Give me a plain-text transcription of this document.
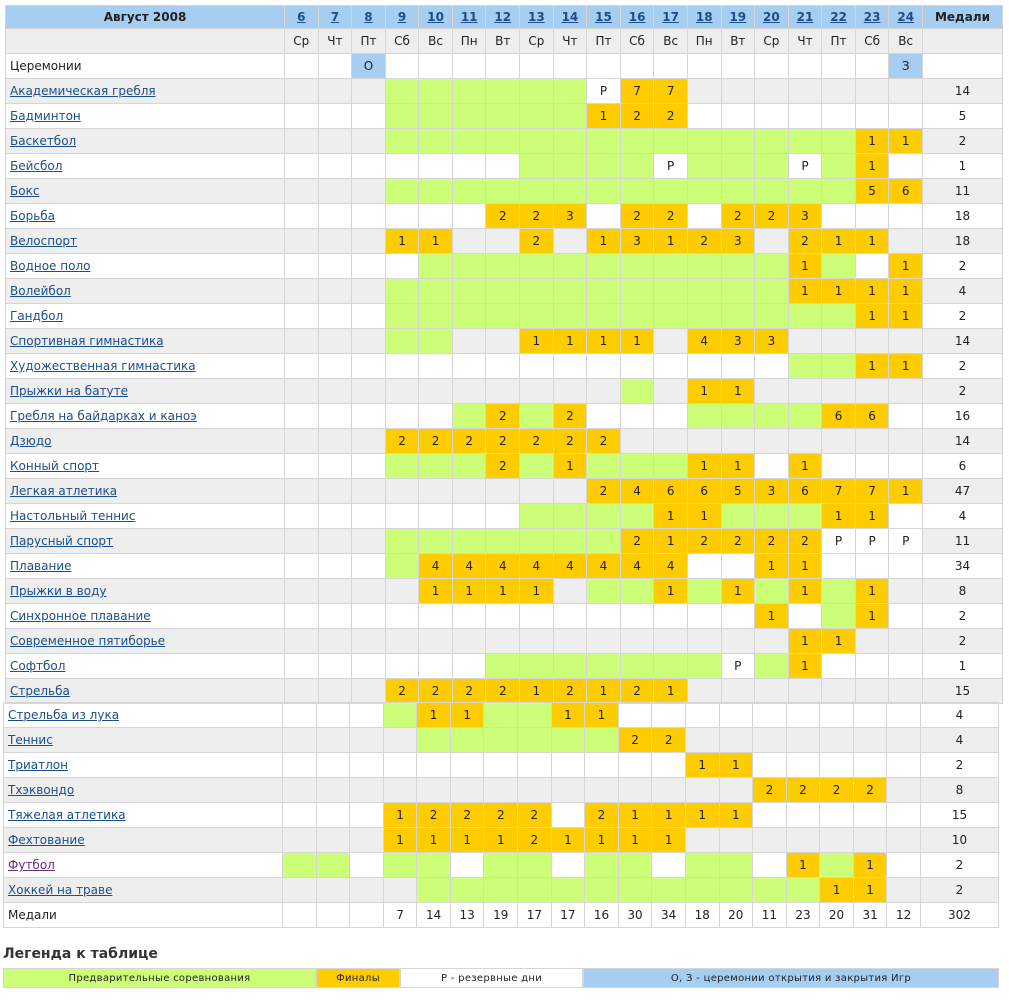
Август 2008	6	7	8	9	10	11	12	13	14	15	16	17	18	19	20	21	22	23	24	Медали
	Ср	Чт	Пт	Сб	Вс	Пн	Вт	Ср	Чт	Пт	Сб	Вс	Пн	Вт	Ср	Чт	Пт	Сб	Вс	
Церемонии			О																З	
Академическая гребля										Р	7	7								14
Бадминтон										1	2	2								5
Баскетбол																		1	1	2
Бейсбол												Р				Р		1		1
Бокс																		5	6	11
Борьба							2	2	3		2	2		2	2	3				18
Велоспорт				1	1			2		1	3	1	2	3		2	1	1		18
Водное поло																1			1	2
Волейбол																1	1	1	1	4
Гандбол																		1	1	2
Спортивная гимнастика								1	1	1	1		4	3	3					14
Художественная гимнастика																		1	1	2
Прыжки на батуте													1	1						2
Гребля на байдарках и каноэ							2		2								6	6		16
Дзюдо				2	2	2	2	2	2	2										14
Конный спорт							2		1				1	1		1				6
Легкая атлетика										2	4	6	6	5	3	6	7	7	1	47
Настольный теннис												1	1				1	1		4
Парусный спорт											2	1	2	2	2	2	Р	Р	Р	11
Плавание					4	4	4	4	4	4	4	4			1	1				34
Прыжки в воду					1	1	1	1				1		1		1		1		8
Синхронное плавание															1			1		2
Современное пятиборье																1	1			2
Софтбол														Р		1				1
Стрельба				2	2	2	2	1	2	1	2	1								15
Стрельба из лука					1	1			1	1										4
Теннис											2	2								4
Триатлон													1	1						2
Тхэквондо															2	2	2	2		8
Тяжелая атлетика				1	2	2	2	2		2	1	1	1	1						15
Фехтование				1	1	1	1	2	1	1	1	1								10
Футбол																1		1		2
Хоккей на траве																	1	1		2
Медали				7	14	13	19	17	17	16	30	34	18	20	11	23	20	31	12	302
Легенда к таблице
Предварительные соревнования	Финалы	Р - резервные дни	О, З - церемонии открытия и закрытия Игр
